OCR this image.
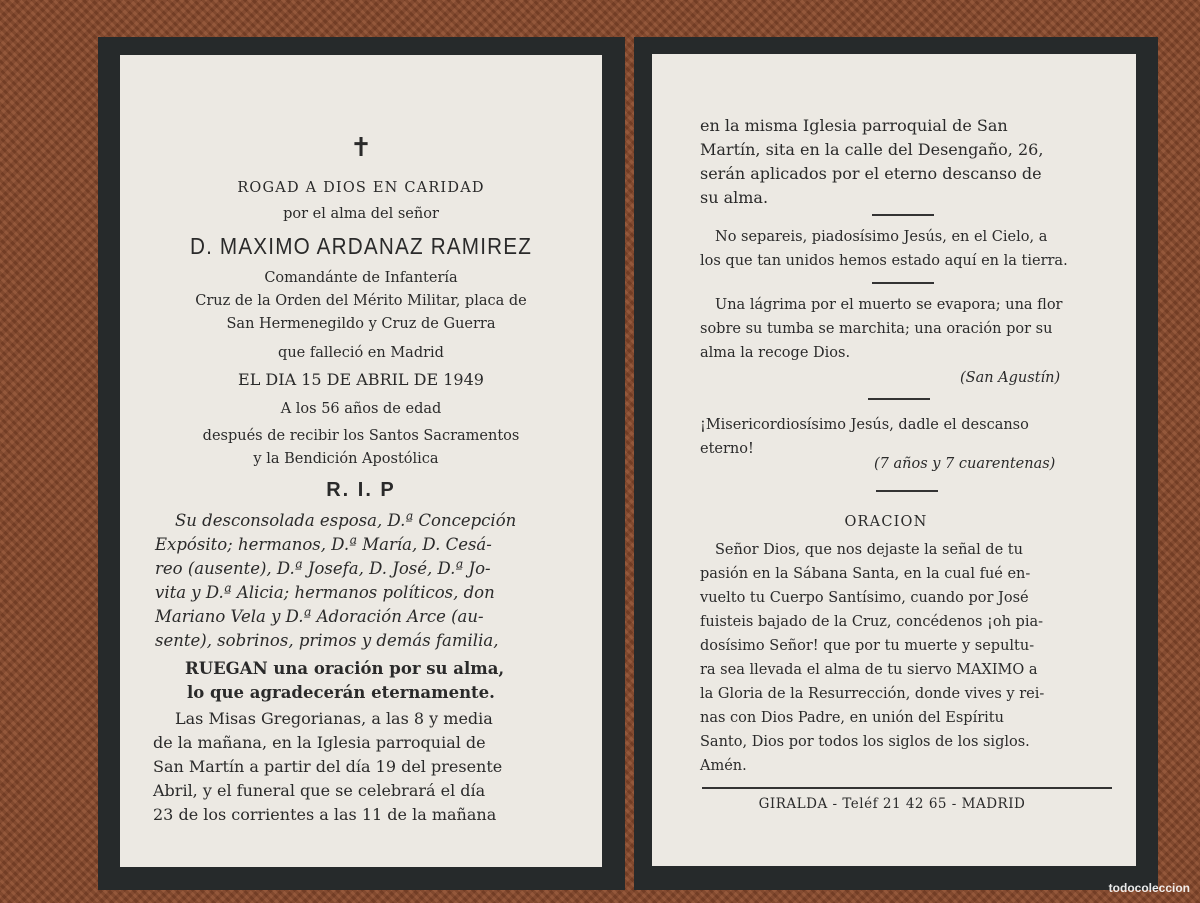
✝
ROGAD A DIOS EN CARIDAD
por el alma del señor
D. MAXIMO ARDANAZ RAMIREZ
Comandánte de Infantería
Cruz de la Orden del Mérito Militar, placa de
San Hermenegildo y Cruz de Guerra
que falleció en Madrid
EL DIA 15 DE ABRIL DE 1949
A los 56 años de edad
después de recibir los Santos Sacramentos
y la Bendición Apostólica
R. I. P
Su desconsolada esposa, D.ª Concepción
Expósito; hermanos, D.ª María, D. Cesá-
reo (ausente), D.ª Josefa, D. José, D.ª Jo-
vita y D.ª Alicia; hermanos políticos, don
Mariano Vela y D.ª Adoración Arce (au-
sente), sobrinos, primos y demás familia,
RUEGAN una oración por su alma,
lo que agradecerán eternamente.
Las Misas Gregorianas, a las 8 y media
de la mañana, en la Iglesia parroquial de
San Martín a partir del día 19 del presente
Abril, y el funeral que se celebrará el día
23 de los corrientes a las 11 de la mañana
en la misma Iglesia parroquial de San
Martín, sita en la calle del Desengaño, 26,
serán aplicados por el eterno descanso de
su alma.
No separeis, piadosísimo Jesús, en el Cielo, a
los que tan unidos hemos estado aquí en la tierra.
Una lágrima por el muerto se evapora; una flor
sobre su tumba se marchita; una oración por su
alma la recoge Dios.
(San Agustín)
¡Misericordiosísimo Jesús, dadle el descanso
eterno!
(7 años y 7 cuarentenas)
ORACION
Señor Dios, que nos dejaste la señal de tu
pasión en la Sábana Santa, en la cual fué en-
vuelto tu Cuerpo Santísimo, cuando por José
fuisteis bajado de la Cruz, concédenos ¡oh pia-
dosísimo Señor! que por tu muerte y sepultu-
ra sea llevada el alma de tu siervo MAXIMO a
la Gloria de la Resurrección, donde vives y rei-
nas con Dios Padre, en unión del Espíritu
Santo, Dios por todos los siglos de los siglos.
Amén.
GIRALDA - Teléf 21 42 65 - MADRID
todocoleccion
